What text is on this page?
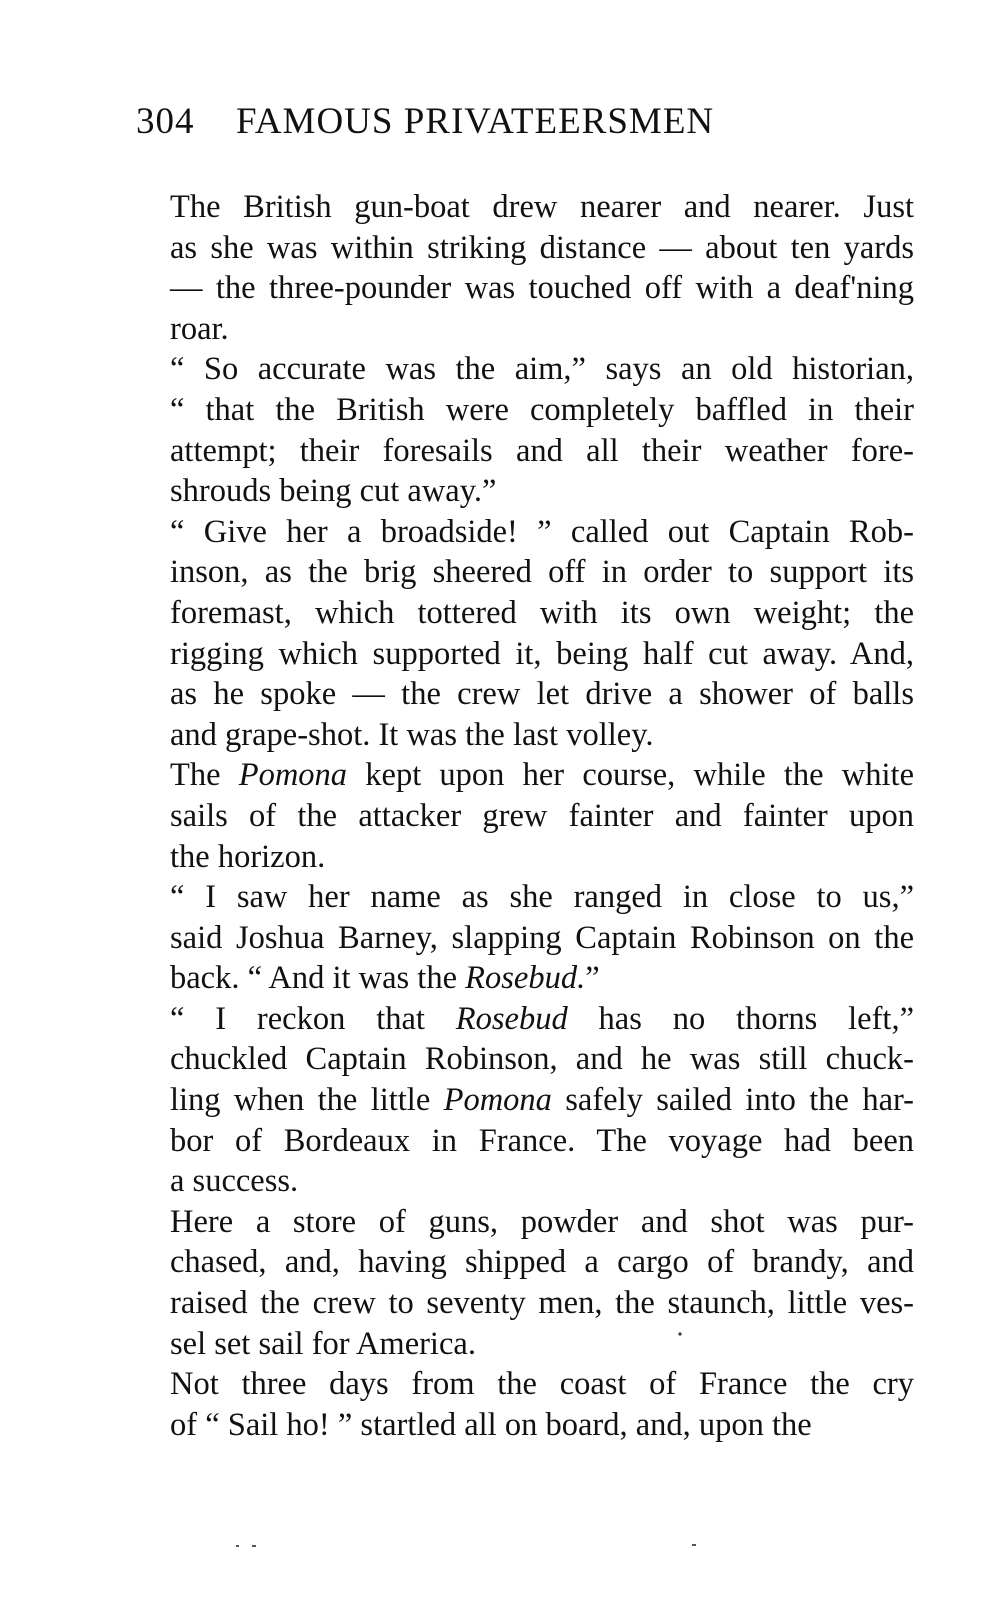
304 FAMOUS PRIVATEERSMEN

The British gun-boat drew nearer and nearer. Just
as she was within striking distance — about ten yards
— the three-pounder was touched off with a deaf'ning
roar.

“ So accurate was the aim,” says an old historian,
“ that the British were completely baffled in their
attempt; their foresails and all their weather fore-
shrouds being cut away.”

“ Give her a broadside! ” called out Captain Rob-
inson, as the brig sheered off in order to support its
foremast, which tottered with its own weight; the
rigging which supported it, being half cut away. And,
as he spoke — the crew let drive a shower of balls
and grape-shot. It was the last volley.

The Pomona kept upon her course, while the white
sails of the attacker grew fainter and fainter upon
the horizon.

“ I saw her name as she ranged in close to us,”
said Joshua Barney, slapping Captain Robinson on the
back. “ And it was the Rosebud.”

“ I reckon that Rosebud has no thorns left,”
chuckled Captain Robinson, and he was still chuck-
ling when the little Pomona safely sailed into the har-
bor of Bordeaux in France. The voyage had been
a success.

Here a store of guns, powder and shot was pur-
chased, and, having shipped a cargo of brandy, and
raised the crew to seventy men, the staunch, little ves-
sel set sail for America.

Not three days from the coast of France the cry
of “ Sail ho! ” startled all on board, and, upon the
